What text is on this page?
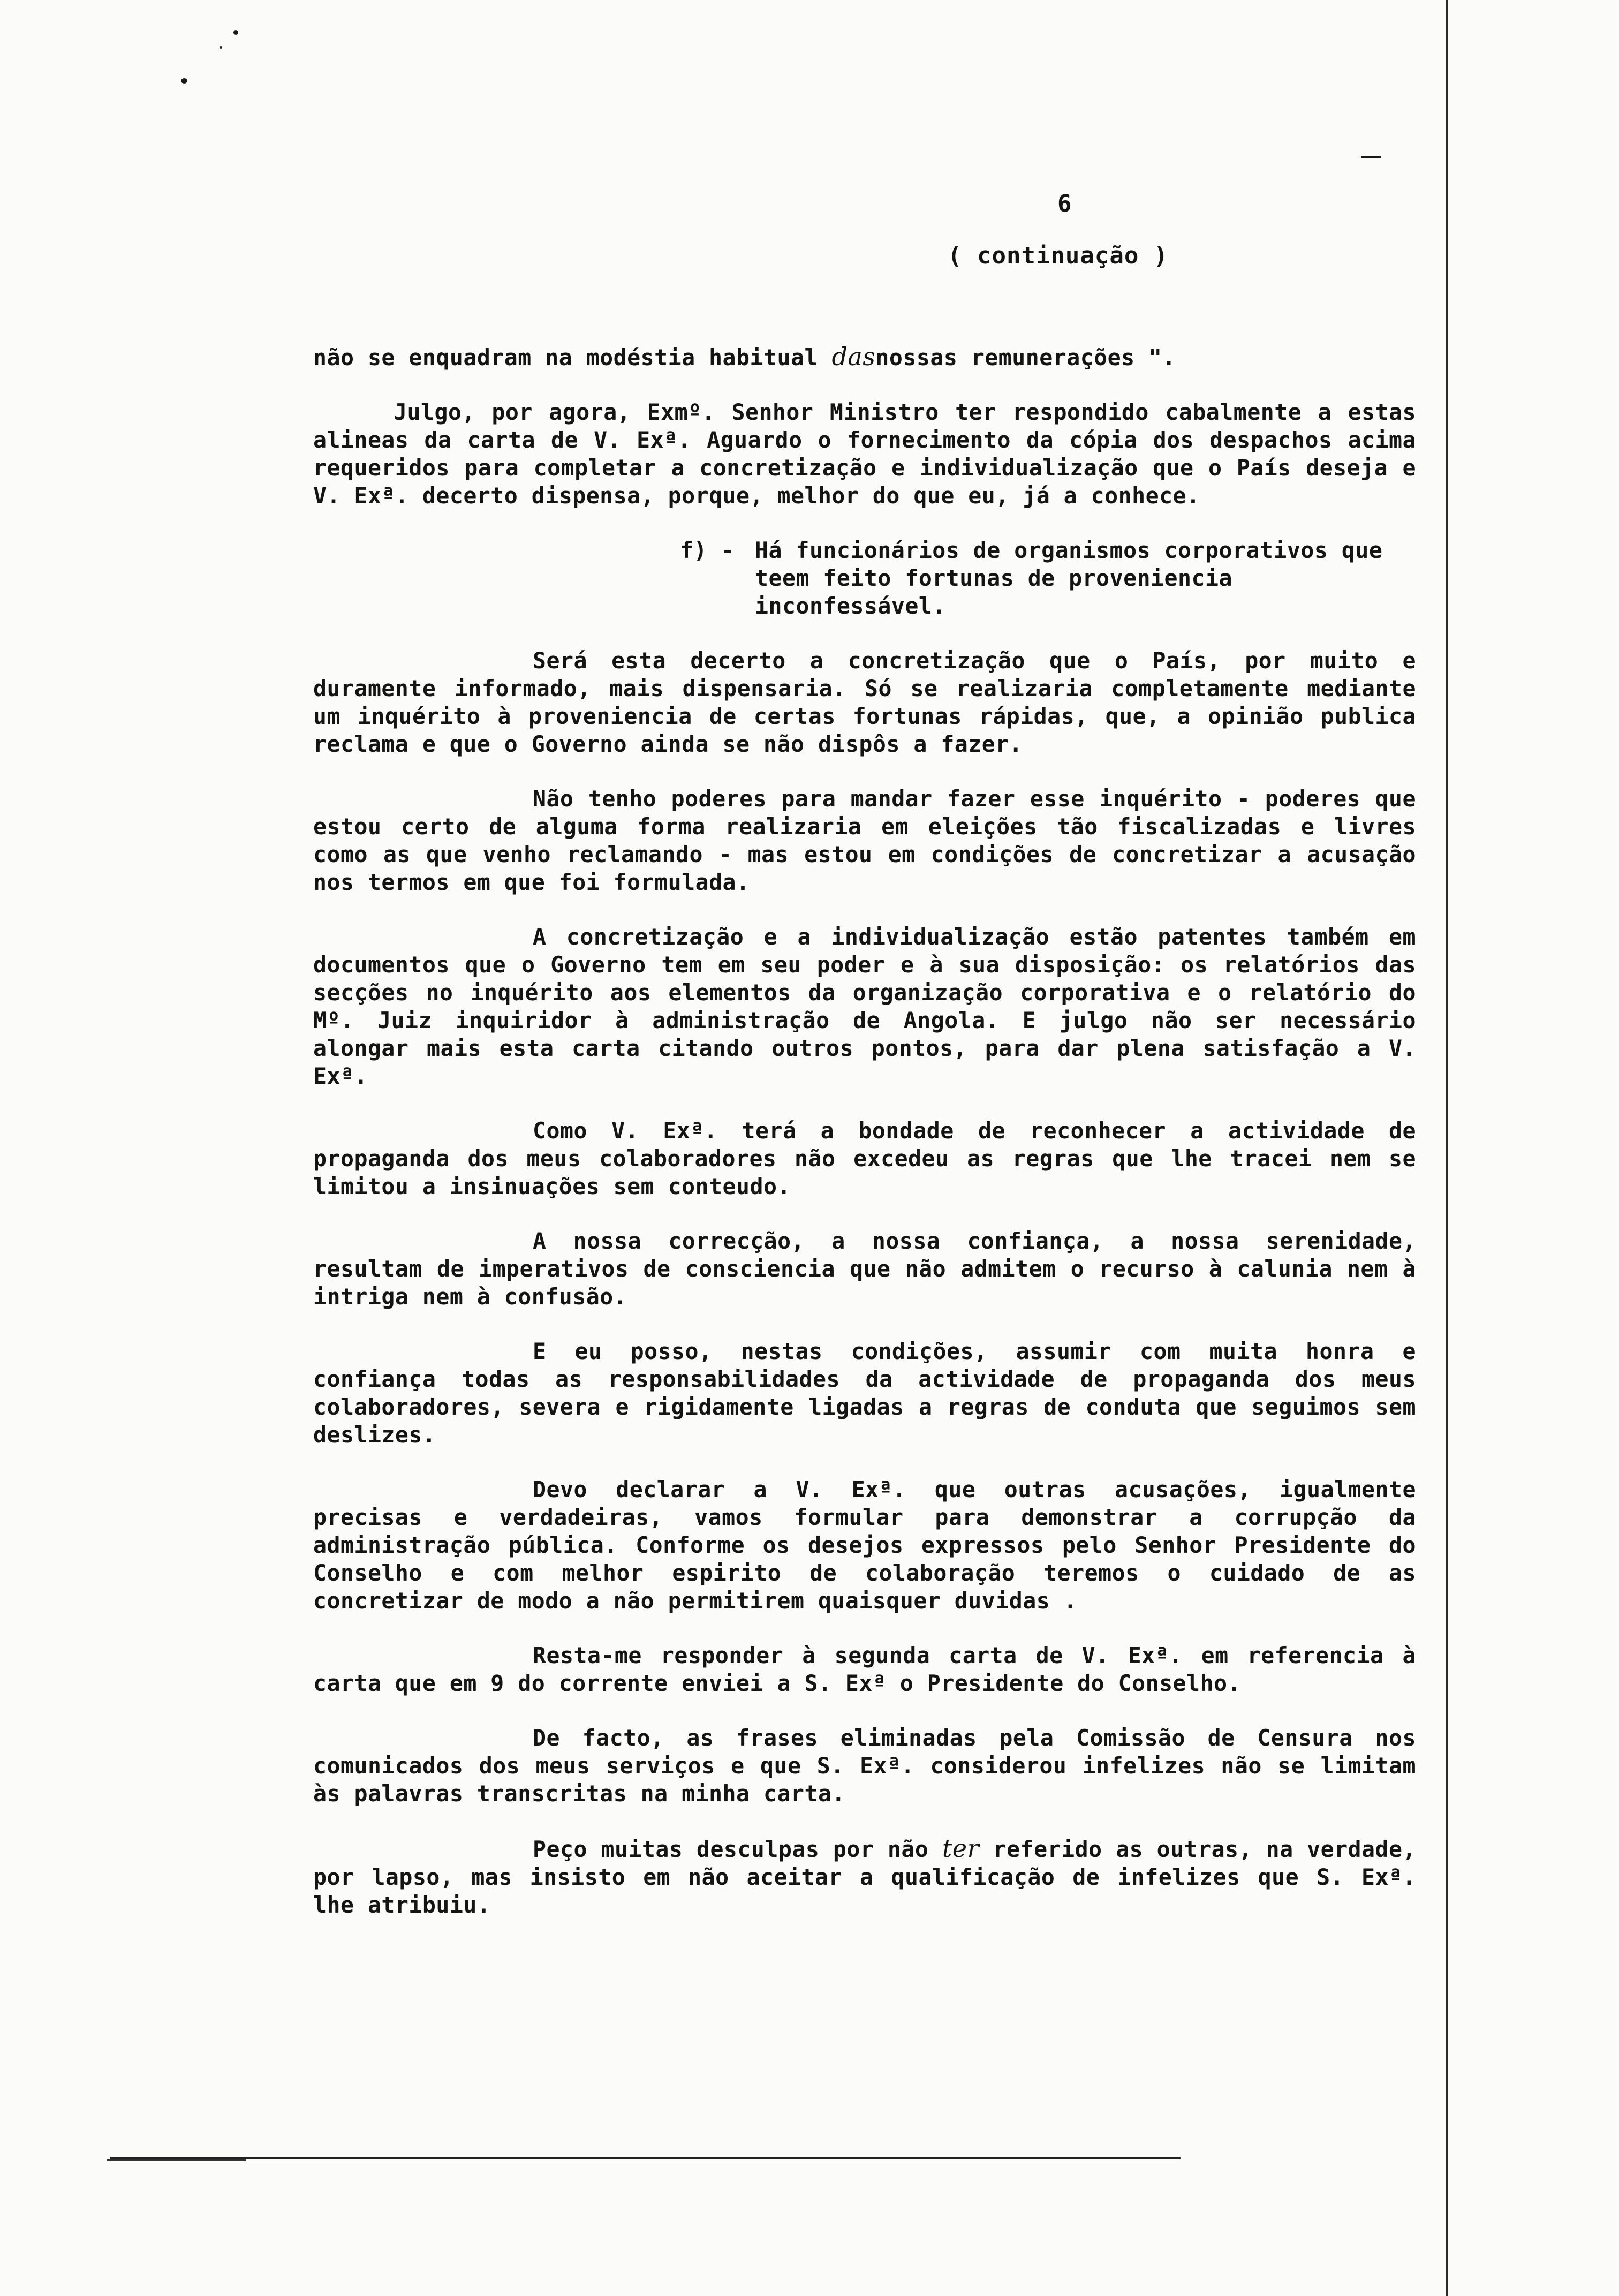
6
( continuação )

não se enquadram na modéstia habitual dasnossas remunerações ".

Julgo, por agora, Exmº. Senhor Ministro ter respondido cabalmente a estas alineas da carta de V. Exª. Aguardo o fornecimento da cópia dos despachos acima requeridos para completar a concretização e individualização que o País deseja e V. Exª. decerto dispensa, porque, melhor do que eu, já a conhece.

f) - Há funcionários de organismos corporativos que teem feito fortunas de proveniencia inconfessável.

Será esta decerto a concretização que o País, por muito e duramente informado, mais dispensaria. Só se realizaria completamente mediante um inquérito à proveniencia de certas fortunas rápidas, que, a opinião publica reclama e que o Governo ainda se não dispôs a fazer.

Não tenho poderes para mandar fazer esse inquérito - poderes que estou certo de alguma forma realizaria em eleições tão fiscalizadas e livres como as que venho reclamando - mas estou em condições de concretizar a acusação nos termos em que foi formulada.

A concretização e a individualização estão patentes também em documentos que o Governo tem em seu poder e à sua disposição: os relatórios das secções no inquérito aos elementos da organização corporativa e o relatório do Mº. Juiz inquiridor à administração de Angola. E julgo não ser necessário alongar mais esta carta citando outros pontos, para dar plena satisfação a V. Exª.

Como V. Exª. terá a bondade de reconhecer a actividade de propaganda dos meus colaboradores não excedeu as regras que lhe tracei nem se limitou a insinuações sem conteudo.

A nossa correcção, a nossa confiança, a nossa serenidade, resultam de imperativos de consciencia que não admitem o recurso à calunia nem à intriga nem à confusão.

E eu posso, nestas condições, assumir com muita honra e confiança todas as responsabilidades da actividade de propaganda dos meus colaboradores, severa e rigidamente ligadas a regras de conduta que seguimos sem deslizes.

Devo declarar a V. Exª. que outras acusações, igualmente precisas e verdadeiras, vamos formular para demonstrar a corrupção da administração pública. Conforme os desejos expressos pelo Senhor Presidente do Conselho e com melhor espirito de colaboração teremos o cuidado de as concretizar de modo a não permitirem quaisquer duvidas .

Resta-me responder à segunda carta de V. Exª. em referencia à carta que em 9 do corrente enviei a S. Exª o Presidente do Conselho.

De facto, as frases eliminadas pela Comissão de Censura nos comunicados dos meus serviços e que S. Exª. considerou infelizes não se limitam às palavras transcritas na minha carta.

Peço muitas desculpas por não ter referido as outras, na verdade, por lapso, mas insisto em não aceitar a qualificação de infelizes que S. Exª. lhe atribuiu.
